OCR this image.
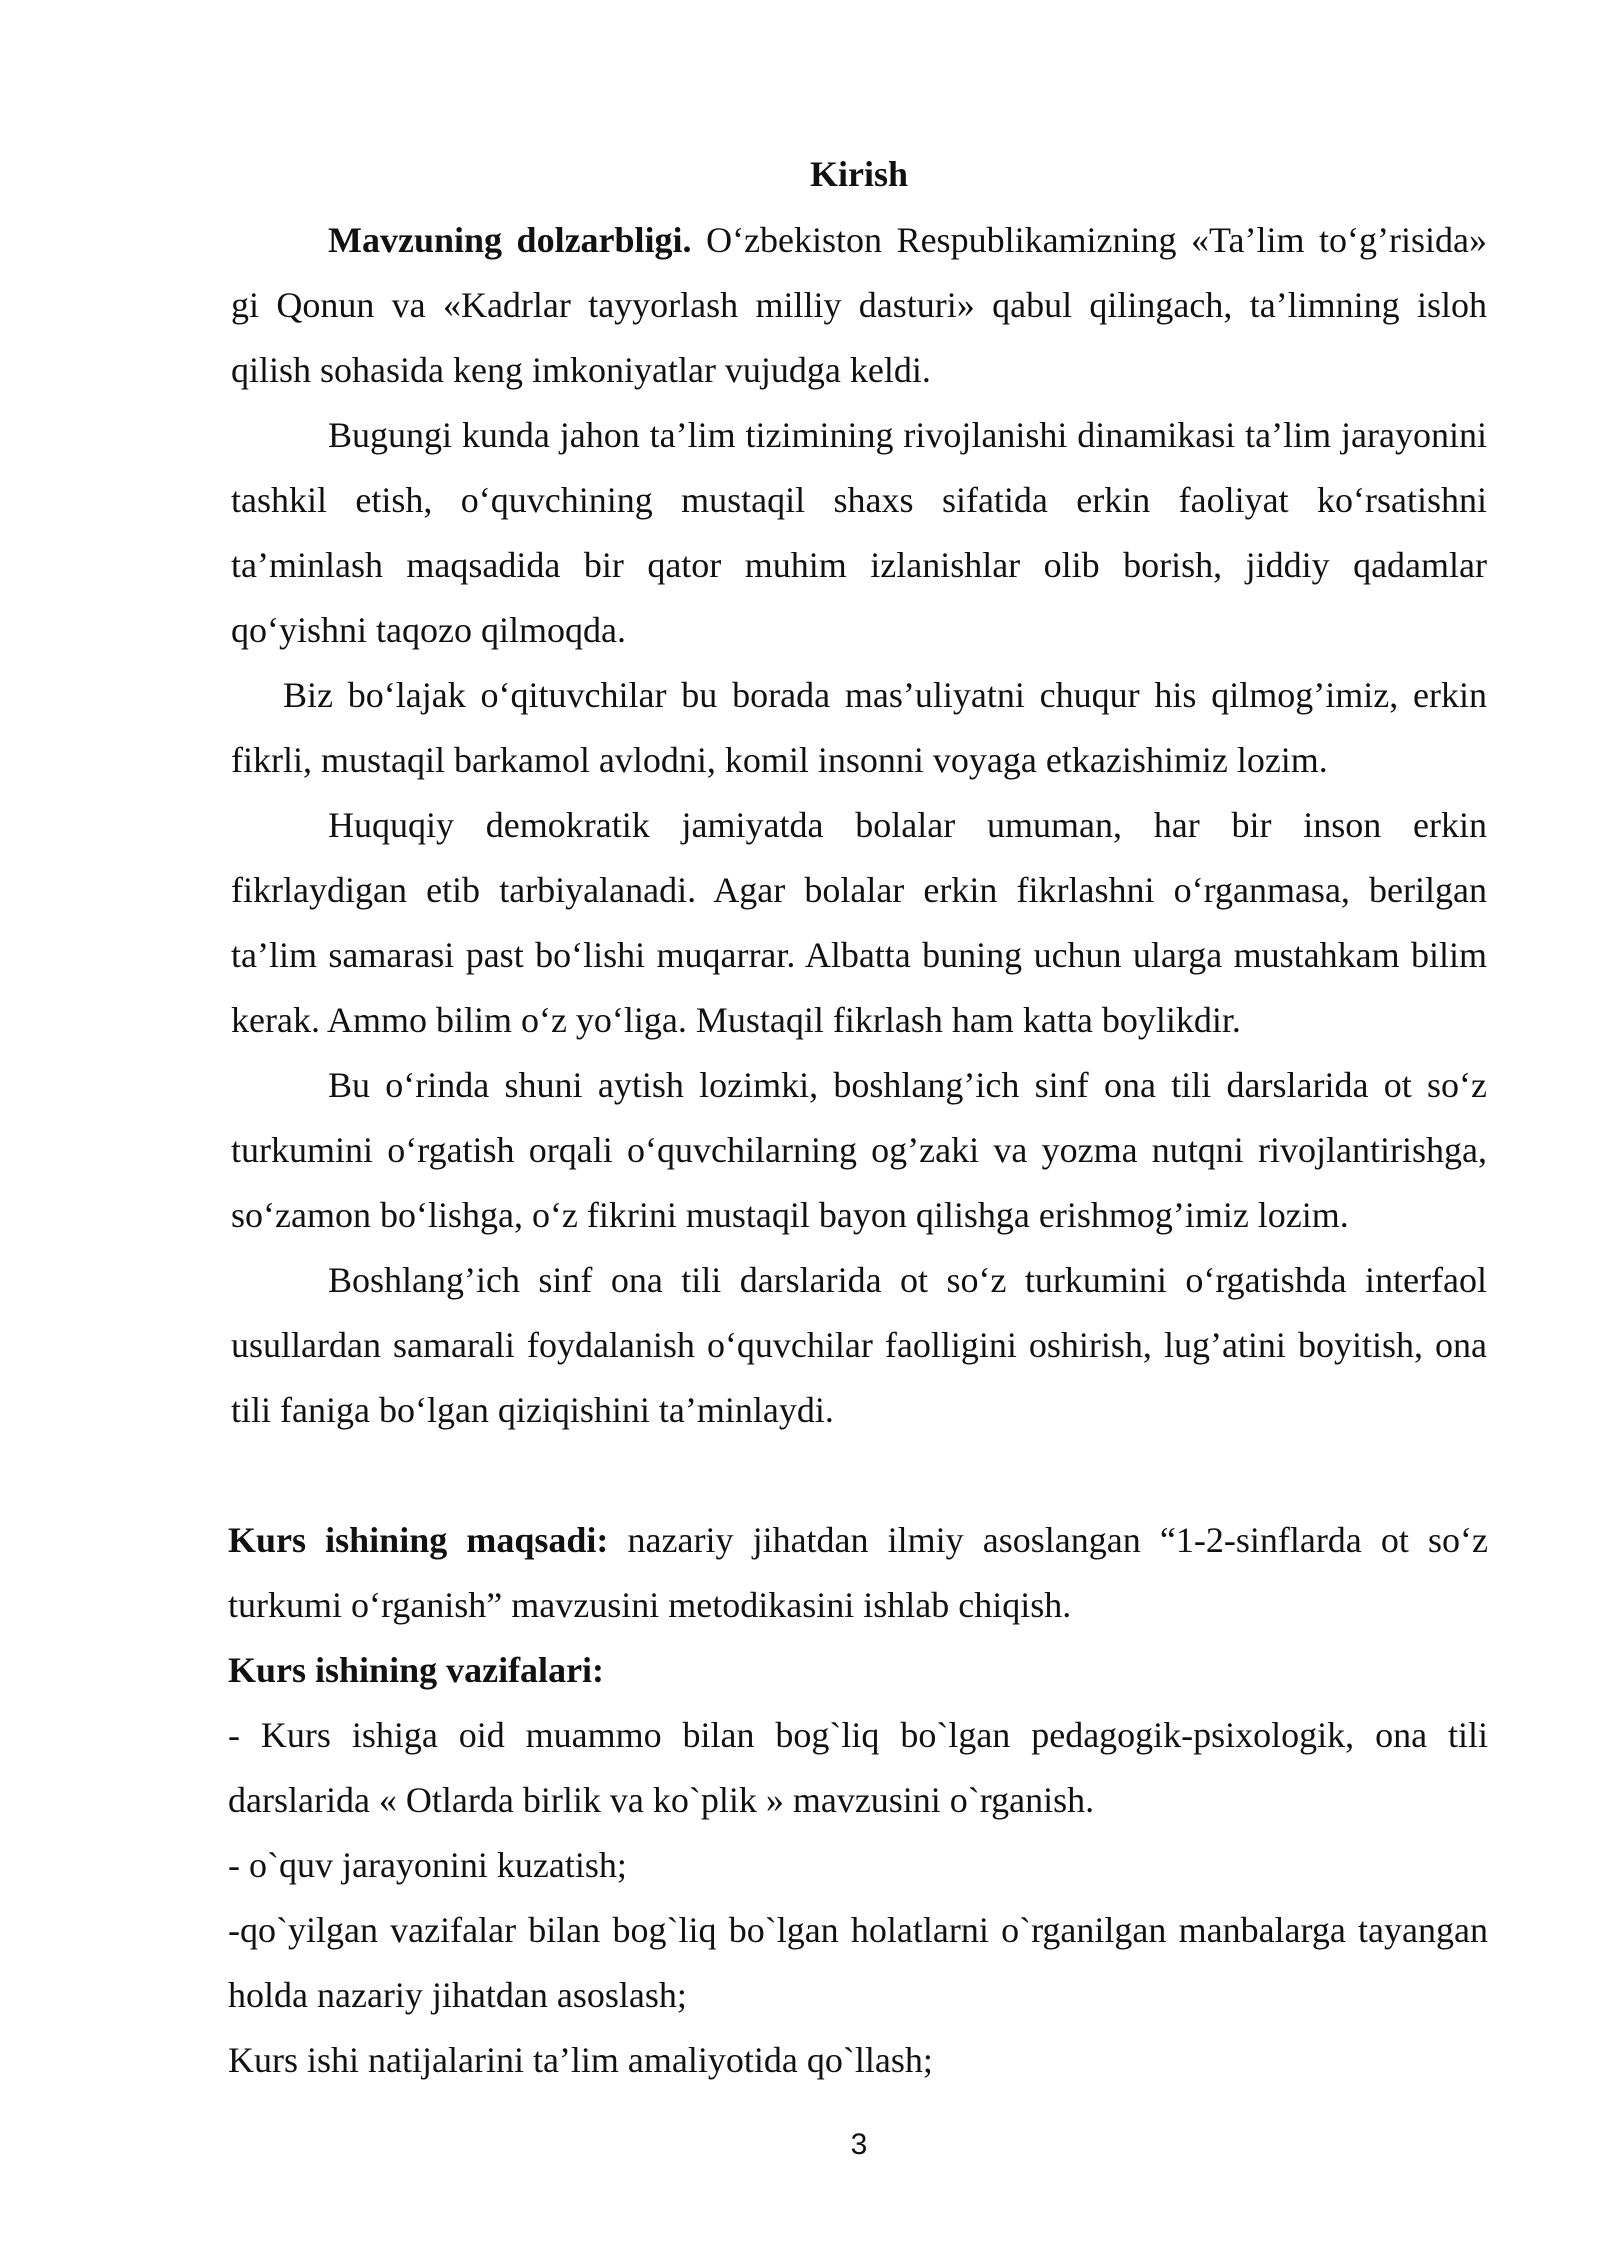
Kirish

Mavzuning dolzarbligi. O‘zbekiston Respublikamizning «Ta’lim to‘g’risida» gi Qonun va «Kadrlar tayyorlash milliy dasturi» qabul qilingach, ta’limning isloh qilish sohasida keng imkoniyatlar vujudga keldi.

Bugungi kunda jahon ta’lim tizimining rivojlanishi dinamikasi ta’lim jarayonini tashkil etish, o‘quvchining mustaqil shaxs sifatida erkin faoliyat ko‘rsatishni ta’minlash maqsadida bir qator muhim izlanishlar olib borish, jiddiy qadamlar qo‘yishni taqozo qilmoqda.

Biz bo‘lajak o‘qituvchilar bu borada mas’uliyatni chuqur his qilmog’imiz, erkin fikrli, mustaqil barkamol avlodni, komil insonni voyaga etkazishimiz lozim.

Huquqiy demokratik jamiyatda bolalar umuman, har bir inson erkin fikrlaydigan etib tarbiyalanadi. Agar bolalar erkin fikrlashni o‘rganmasa, berilgan ta’lim samarasi past bo‘lishi muqarrar. Albatta buning uchun ularga mustahkam bilim kerak. Ammo bilim o‘z yo‘liga. Mustaqil fikrlash ham katta boylikdir.

Bu o‘rinda shuni aytish lozimki, boshlang’ich sinf ona tili darslarida ot so‘z turkumini o‘rgatish orqali o‘quvchilarning og’zaki va yozma nutqni rivojlantirishga, so‘zamon bo‘lishga, o‘z fikrini mustaqil bayon qilishga erishmog’imiz lozim.

Boshlang’ich sinf ona tili darslarida ot so‘z turkumini o‘rgatishda interfaol usullardan samarali foydalanish o‘quvchilar faolligini oshirish, lug’atini boyitish, ona tili faniga bo‘lgan qiziqishini ta’minlaydi.

Kurs ishining maqsadi: nazariy jihatdan ilmiy asoslangan “1-2-sinflarda ot so‘z turkumi o‘rganish” mavzusini metodikasini ishlab chiqish.

Kurs ishining vazifalari:

- Kurs ishiga oid muammo bilan bog`liq bo`lgan pedagogik-psixologik, ona tili darslarida « Otlarda birlik va ko`plik » mavzusini o`rganish.

- o`quv jarayonini kuzatish;

-qo`yilgan vazifalar bilan bog`liq bo`lgan holatlarni o`rganilgan manbalarga tayangan holda nazariy jihatdan asoslash;

Kurs ishi natijalarini ta’lim amaliyotida qo`llash;

3
